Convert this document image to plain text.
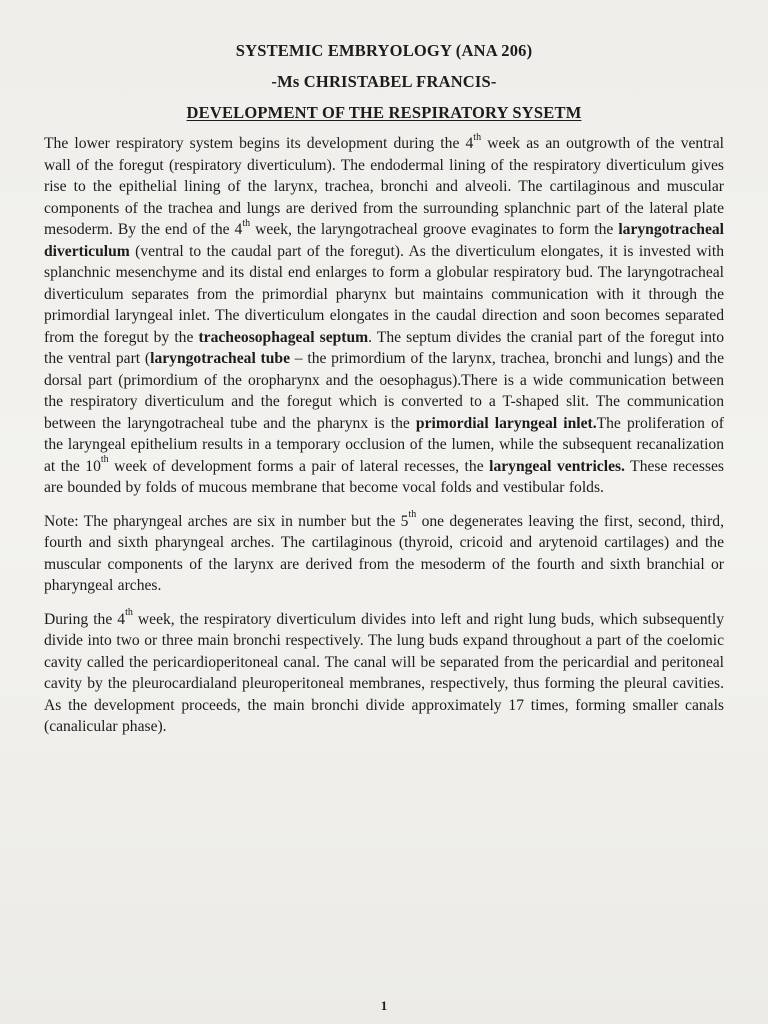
SYSTEMIC EMBRYOLOGY (ANA 206)
-Ms CHRISTABEL FRANCIS-
DEVELOPMENT OF THE RESPIRATORY SYSETM

The lower respiratory system begins its development during the 4th week as an outgrowth of the ventral wall of the foregut (respiratory diverticulum). The endodermal lining of the respiratory diverticulum gives rise to the epithelial lining of the larynx, trachea, bronchi and alveoli. The cartilaginous and muscular components of the trachea and lungs are derived from the surrounding splanchnic part of the lateral plate mesoderm. By the end of the 4th week, the laryngotracheal groove evaginates to form the laryngotracheal diverticulum (ventral to the caudal part of the foregut). As the diverticulum elongates, it is invested with splanchnic mesenchyme and its distal end enlarges to form a globular respiratory bud. The laryngotracheal diverticulum separates from the primordial pharynx but maintains communication with it through the primordial laryngeal inlet. The diverticulum elongates in the caudal direction and soon becomes separated from the foregut by the tracheosophageal septum. The septum divides the cranial part of the foregut into the ventral part (laryngotracheal tube – the primordium of the larynx, trachea, bronchi and lungs) and the dorsal part (primordium of the oropharynx and the oesophagus).There is a wide communication between the respiratory diverticulum and the foregut which is converted to a T-shaped slit. The communication between the laryngotracheal tube and the pharynx is the primordial laryngeal inlet.The proliferation of the laryngeal epithelium results in a temporary occlusion of the lumen, while the subsequent recanalization at the 10th week of development forms a pair of lateral recesses, the laryngeal ventricles. These recesses are bounded by folds of mucous membrane that become vocal folds and vestibular folds.

Note: The pharyngeal arches are six in number but the 5th one degenerates leaving the first, second, third, fourth and sixth pharyngeal arches. The cartilaginous (thyroid, cricoid and arytenoid cartilages) and the muscular components of the larynx are derived from the mesoderm of the fourth and sixth branchial or pharyngeal arches.

During the 4th week, the respiratory diverticulum divides into left and right lung buds, which subsequently divide into two or three main bronchi respectively. The lung buds expand throughout a part of the coelomic cavity called the pericardioperitoneal canal. The canal will be separated from the pericardial and peritoneal cavity by the pleurocardialand pleuroperitoneal membranes, respectively, thus forming the pleural cavities. As the development proceeds, the main bronchi divide approximately 17 times, forming smaller canals (canalicular phase).

1
